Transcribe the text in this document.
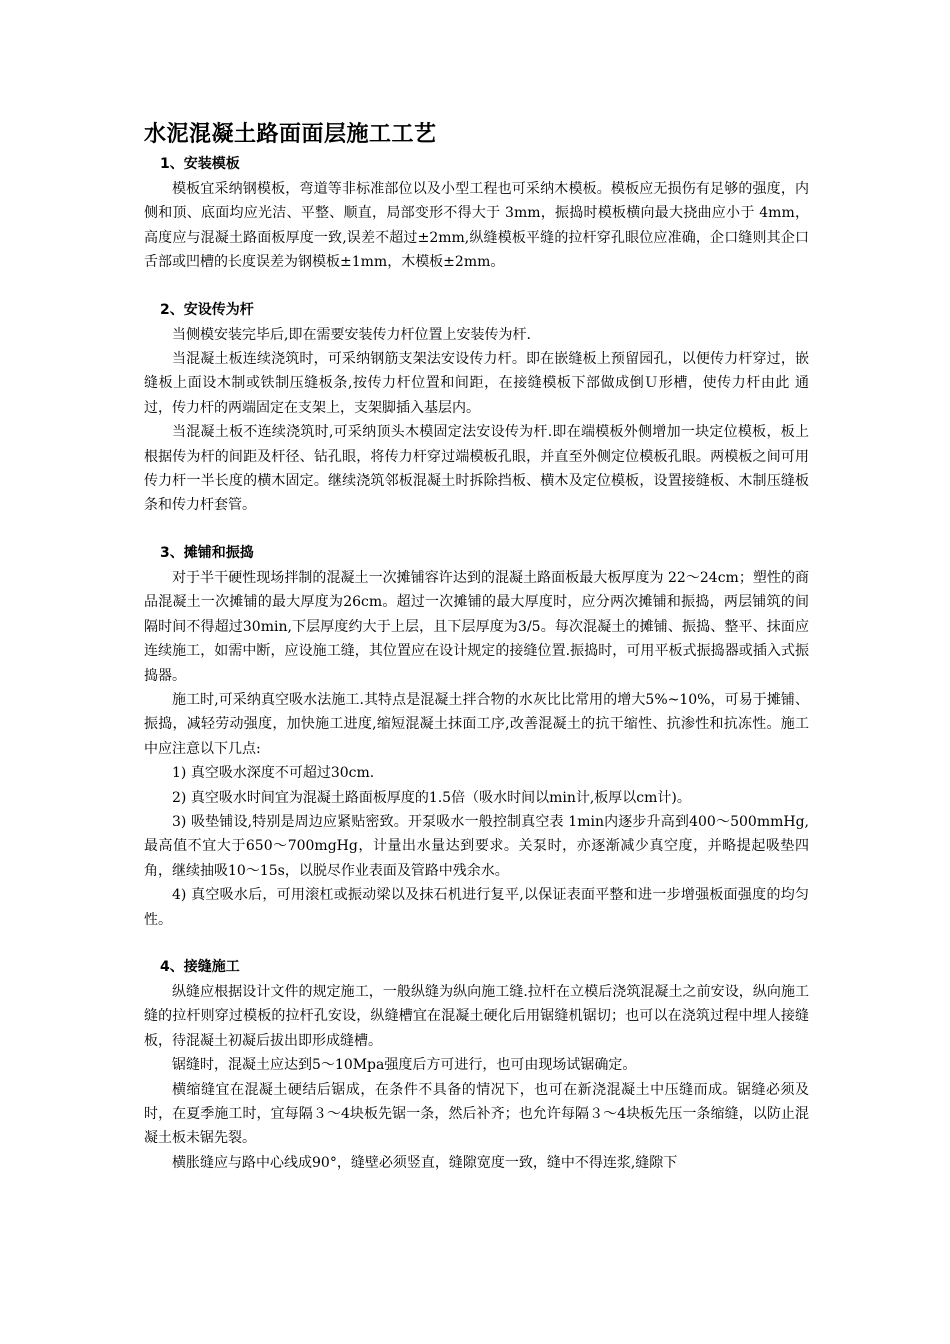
水泥混凝土路面面层施工工艺
1、安装模板

模板宜采纳钢模板，弯道等非标准部位以及小型工程也可采纳木模板。模板应无损伤有足够的强度，内侧和顶、底面均应光洁、平整、顺直，局部变形不得大于 3mm，振捣时模板横向最大挠曲应小于 4mm，高度应与混凝土路面板厚度一致,误差不超过±2mm,纵缝模板平缝的拉杆穿孔眼位应准确，企口缝则其企口舌部或凹槽的长度误差为钢模板±1mm，木模板±2mm。

2、安设传为杆

当侧模安装完毕后,即在需要安装传力杆位置上安装传为杆.

当混凝土板连续浇筑时，可采纳钢筋支架法安设传力杆。即在嵌缝板上预留园孔，以便传力杆穿过，嵌缝板上面设木制或铁制压缝板条,按传力杆位置和间距，在接缝模板下部做成倒Ｕ形槽，使传力杆由此 通过，传力杆的两端固定在支架上，支架脚插入基层内。

当混凝土板不连续浇筑时,可采纳顶头木模固定法安设传为杆.即在端模板外侧增加一块定位模板，板上根据传为杆的间距及杆径、钻孔眼，将传力杆穿过端模板孔眼，并直至外侧定位模板孔眼。两模板之间可用传力杆一半长度的横木固定。继续浇筑邻板混凝土时拆除挡板、横木及定位模板，设置接缝板、木制压缝板条和传力杆套管。

3、摊铺和振捣

对于半干硬性现场拌制的混凝土一次摊铺容许达到的混凝土路面板最大板厚度为 22～24cm；塑性的商品混凝土一次摊铺的最大厚度为26cm。超过一次摊铺的最大厚度时，应分两次摊铺和振捣，两层铺筑的间隔时间不得超过30min,下层厚度约大于上层，且下层厚度为3/5。每次混凝土的摊铺、振捣、整平、抹面应连续施工，如需中断，应设施工缝，其位置应在设计规定的接缝位置.振捣时，可用平板式振捣器或插入式振捣器。

施工时,可采纳真空吸水法施工.其特点是混凝土拌合物的水灰比比常用的增大5%~10%，可易于摊铺、振捣，减轻劳动强度，加快施工进度,缩短混凝土抹面工序,改善混凝土的抗干缩性、抗渗性和抗冻性。施工中应注意以下几点:

1) 真空吸水深度不可超过30cm.

2) 真空吸水时间宜为混凝土路面板厚度的1.5倍（吸水时间以min计,板厚以cm计)。

3) 吸垫铺设,特别是周边应紧贴密致。开泵吸水一般控制真空表 1min内逐步升高到400～500mmHg,最高值不宜大于650～700mgHg，计量出水量达到要求。关泵时，亦逐渐减少真空度，并略提起吸垫四角，继续抽吸10～15s，以脱尽作业表面及管路中残余水。

4) 真空吸水后，可用滚杠或振动梁以及抹石机进行复平,以保证表面平整和进一步增强板面强度的均匀性。

4、接缝施工

纵缝应根据设计文件的规定施工，一般纵缝为纵向施工缝.拉杆在立模后浇筑混凝土之前安设，纵向施工缝的拉杆则穿过模板的拉杆孔安设，纵缝槽宜在混凝土硬化后用锯缝机锯切；也可以在浇筑过程中埋人接缝板，待混凝土初凝后拔出即形成缝槽。

锯缝时，混凝土应达到5～10Mpa强度后方可进行，也可由现场试锯确定。

横缩缝宜在混凝土硬结后锯成，在条件不具备的情况下，也可在新浇混凝土中压缝而成。锯缝必须及时，在夏季施工时，宜每隔３～4块板先锯一条，然后补齐；也允许每隔３～4块板先压一条缩缝，以防止混凝土板未锯先裂。

横胀缝应与路中心线成90°，缝壁必须竖直，缝隙宽度一致，缝中不得连浆,缝隙下
